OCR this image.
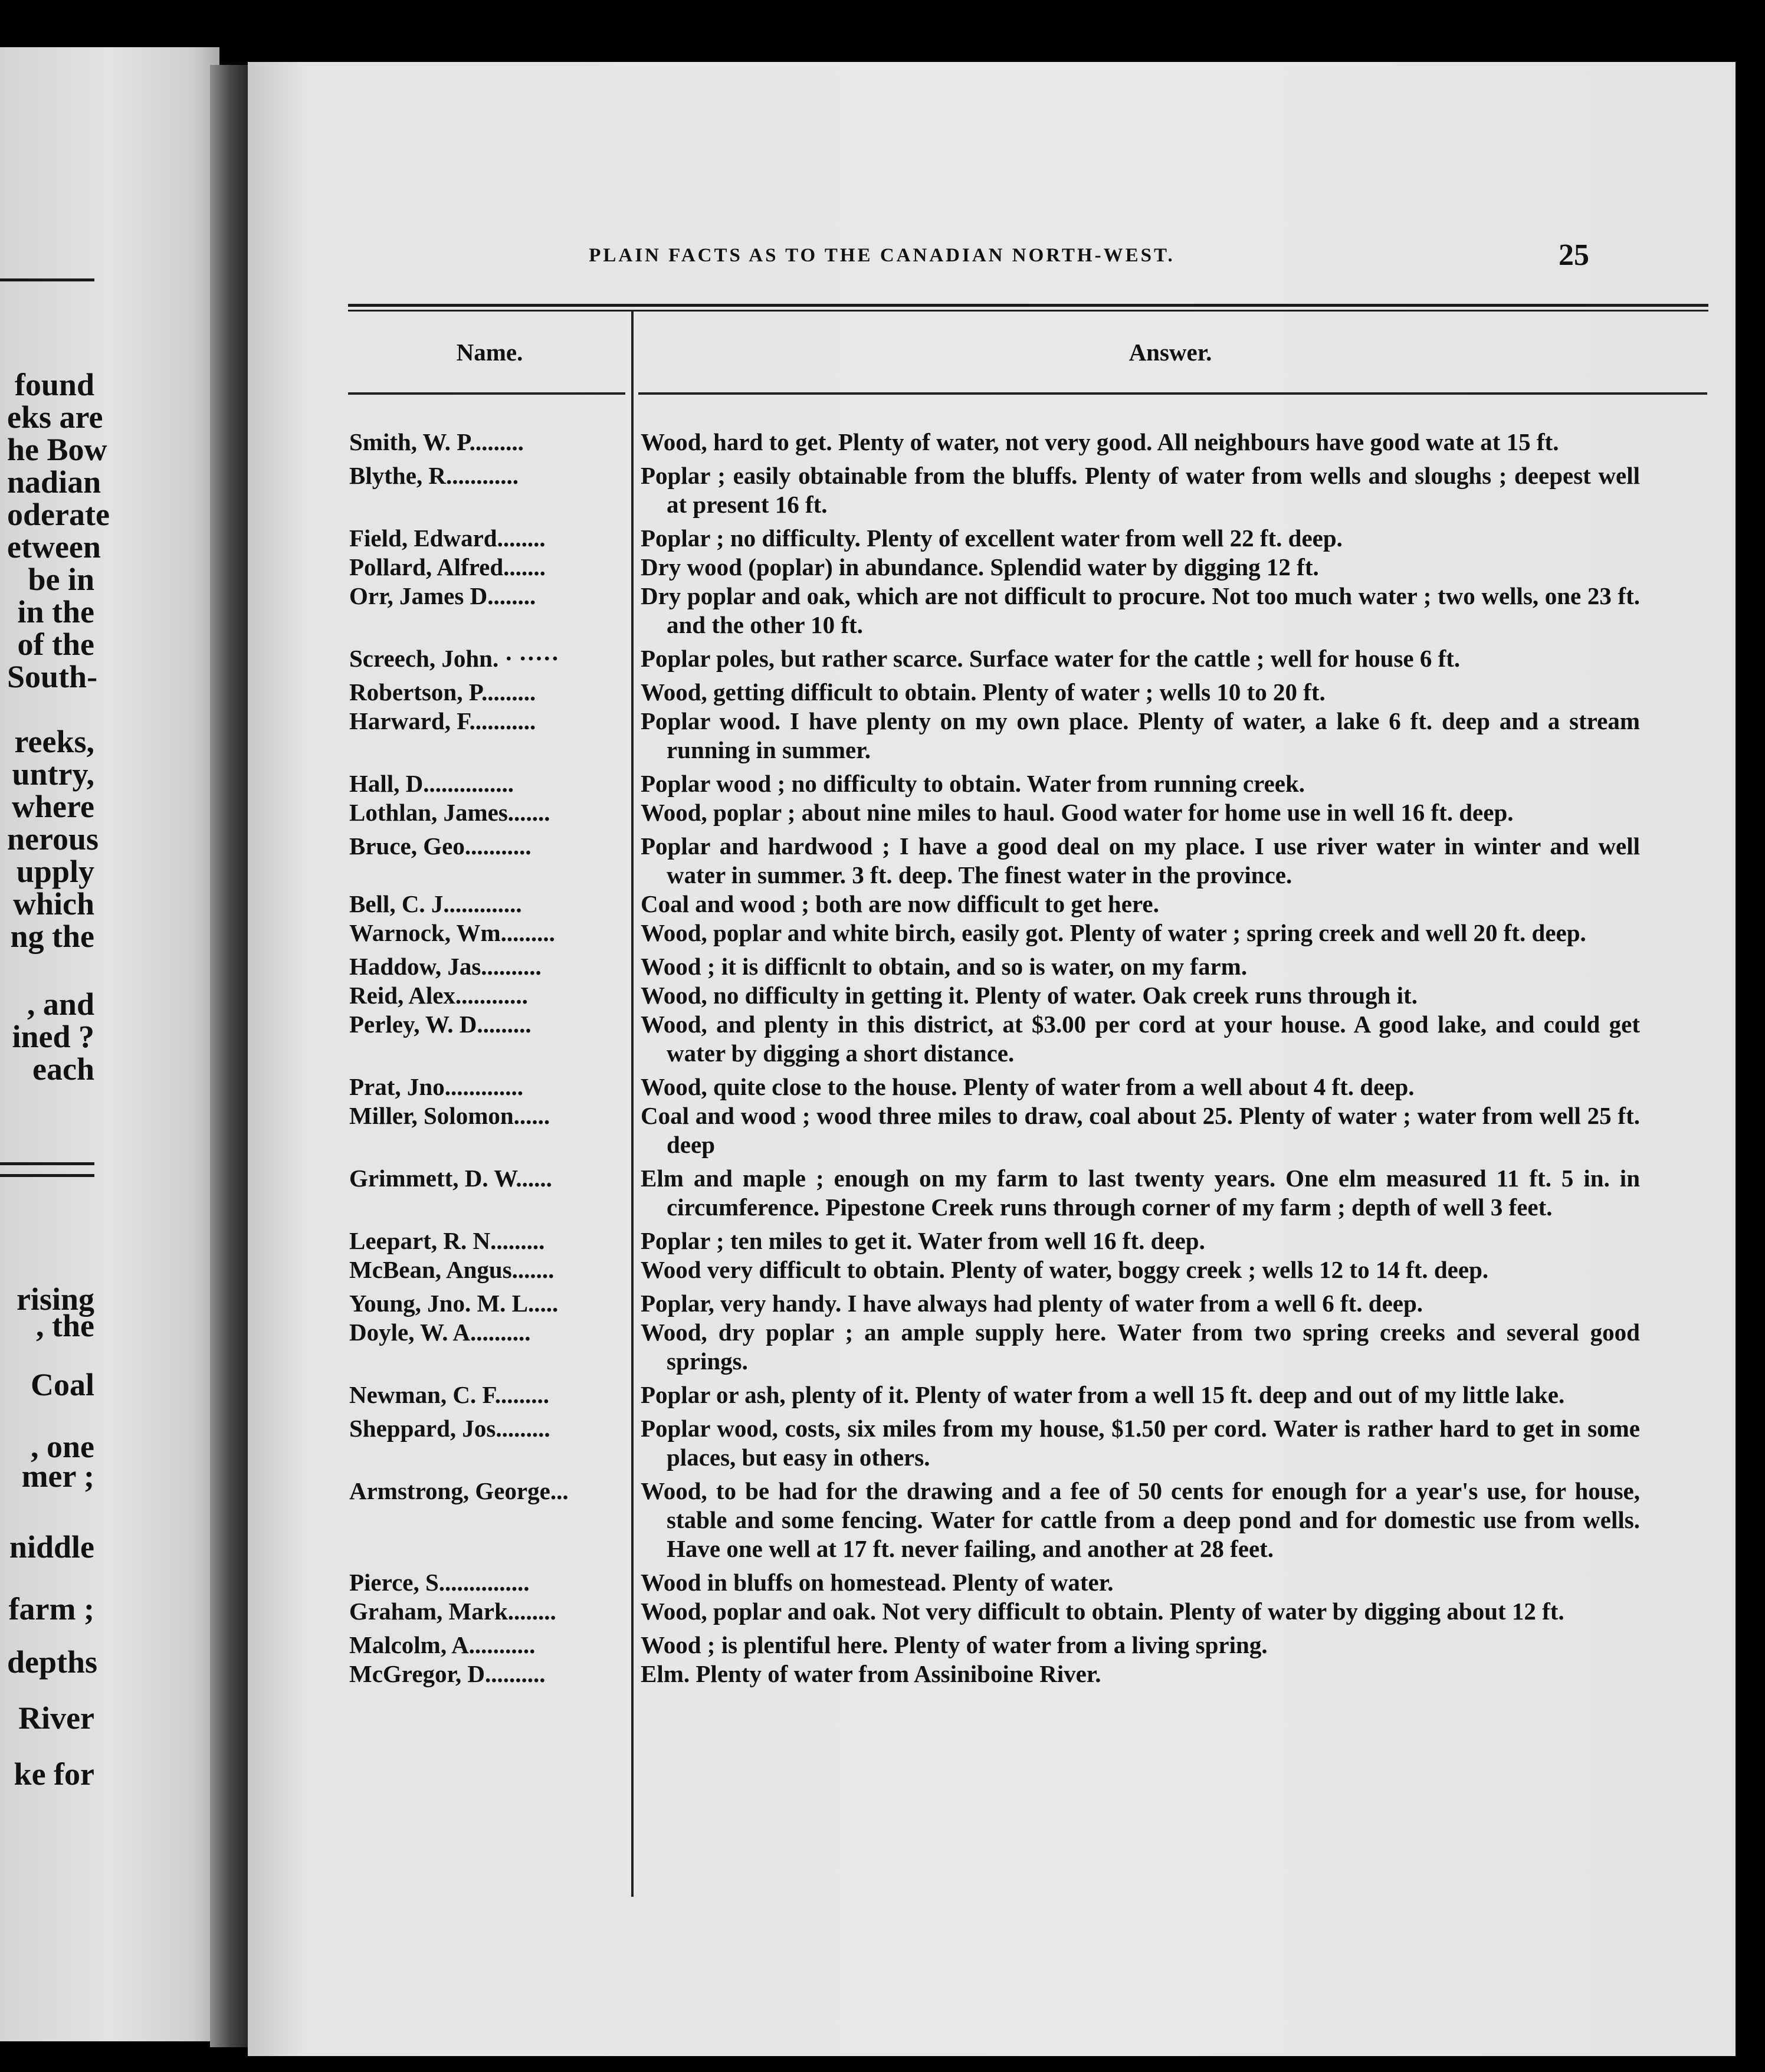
found
eks are
he Bow
nadian
oderate
etween
be in
in the
of the
South-
reeks,
untry,
where
nerous
upply
which
ng the
, and
ined ?
each
rising
Coal
, one
mer ;
niddle
farm ;
depths
River
ke for
, the
PLAIN FACTS AS TO THE CANADIAN NORTH-WEST.	25
Name.	Answer.
Smith, W. P.........	Wood, hard to get. Plenty of water, not very good. All neighbours have good wate at 15 ft.
Blythe, R............	Poplar ; easily obtainable from the bluffs. Plenty of water from wells and sloughs ; deepest well at present 16 ft.
Field, Edward........	Poplar ; no difficulty. Plenty of excellent water from well 22 ft. deep.
Pollard, Alfred.......	Dry wood (poplar) in abundance. Splendid water by digging 12 ft.
Orr, James D........	Dry poplar and oak, which are not difficult to procure. Not too much water ; two wells, one 23 ft. and the other 10 ft.
Screech, John. · ·····	Poplar poles, but rather scarce. Surface water for the cattle ; well for house 6 ft.
Robertson, P.........	Wood, getting difficult to obtain. Plenty of water ; wells 10 to 20 ft.
Harward, F...........	Poplar wood. I have plenty on my own place. Plenty of water, a lake 6 ft. deep and a stream running in summer.
Hall, D...............	Poplar wood ; no difficulty to obtain. Water from running creek.
Lothlan, James.......	Wood, poplar ; about nine miles to haul. Good water for home use in well 16 ft. deep.
Bruce, Geo...........	Poplar and hardwood ; I have a good deal on my place. I use river water in winter and well water in summer. 3 ft. deep. The finest water in the province.
Bell, C. J.............	Coal and wood ; both are now difficult to get here.
Warnock, Wm.........	Wood, poplar and white birch, easily got. Plenty of water ; spring creek and well 20 ft. deep.
Haddow, Jas..........	Wood ; it is difficnlt to obtain, and so is water, on my farm.
Reid, Alex............	Wood, no difficulty in getting it. Plenty of water. Oak creek runs through it.
Perley, W. D.........	Wood, and plenty in this district, at $3.00 per cord at your house. A good lake, and could get water by digging a short distance.
Prat, Jno.............	Wood, quite close to the house. Plenty of water from a well about 4 ft. deep.
Miller, Solomon......	Coal and wood ; wood three miles to draw, coal about 25. Plenty of water ; water from well 25 ft. deep
Grimmett, D. W......	Elm and maple ; enough on my farm to last twenty years. One elm measured 11 ft. 5 in. in circumference. Pipestone Creek runs through corner of my farm ; depth of well 3 feet.
Leepart, R. N.........	Poplar ; ten miles to get it. Water from well 16 ft. deep.
McBean, Angus.......	Wood very difficult to obtain. Plenty of water, boggy creek ; wells 12 to 14 ft. deep.
Young, Jno. M. L.....	Poplar, very handy. I have always had plenty of water from a well 6 ft. deep.
Doyle, W. A..........	Wood, dry poplar ; an ample supply here. Water from two spring creeks and several good springs.
Newman, C. F.........	Poplar or ash, plenty of it. Plenty of water from a well 15 ft. deep and out of my little lake.
Sheppard, Jos.........	Poplar wood, costs, six miles from my house, $1.50 per cord. Water is rather hard to get in some places, but easy in others.
Armstrong, George...	Wood, to be had for the drawing and a fee of 50 cents for enough for a year's use, for house, stable and some fencing. Water for cattle from a deep pond and for domestic use from wells. Have one well at 17 ft. never failing, and another at 28 feet.
Pierce, S...............	Wood in bluffs on homestead. Plenty of water.
Graham, Mark........	Wood, poplar and oak. Not very difficult to obtain. Plenty of water by digging about 12 ft.
Malcolm, A...........	Wood ; is plentiful here. Plenty of water from a living spring.
McGregor, D..........	Elm. Plenty of water from Assiniboine River.
